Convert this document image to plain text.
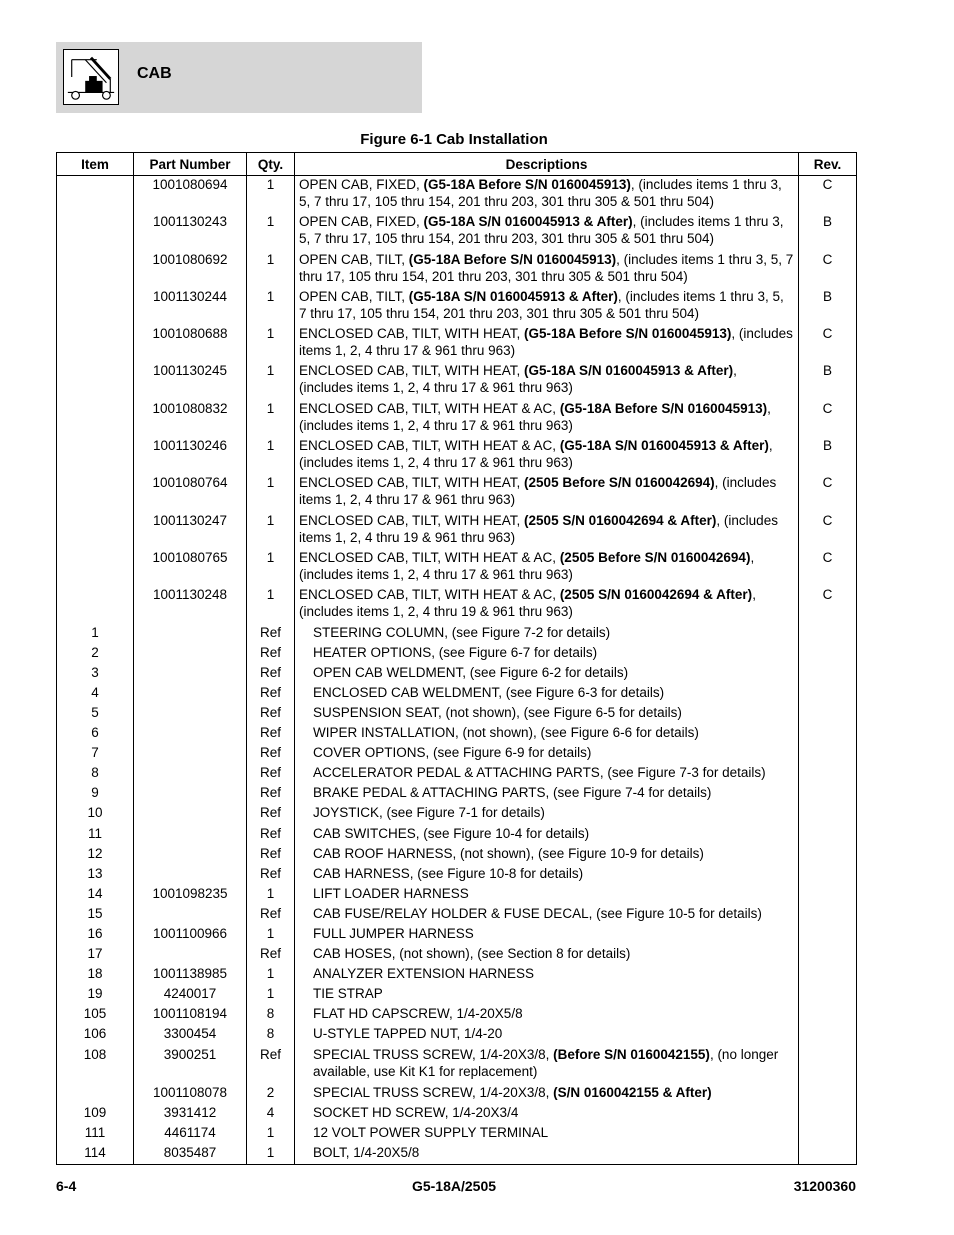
CAB
Figure 6-1 Cab Installation
Item	Part Number	Qty.	Descriptions	Rev.
	1001080694	1	OPEN CAB, FIXED, (G5-18A Before S/N 0160045913), (includes items 1 thru 3, 5, 7 thru 17, 105 thru 154, 201 thru 203, 301 thru 305 & 501 thru 504)	C
	1001130243	1	OPEN CAB, FIXED, (G5-18A S/N 0160045913 & After), (includes items 1 thru 3, 5, 7 thru 17, 105 thru 154, 201 thru 203, 301 thru 305 & 501 thru 504)	B
	1001080692	1	OPEN CAB, TILT, (G5-18A Before S/N 0160045913), (includes items 1 thru 3, 5, 7 thru 17, 105 thru 154, 201 thru 203, 301 thru 305 & 501 thru 504)	C
	1001130244	1	OPEN CAB, TILT, (G5-18A S/N 0160045913 & After), (includes items 1 thru 3, 5, 7 thru 17, 105 thru 154, 201 thru 203, 301 thru 305 & 501 thru 504)	B
	1001080688	1	ENCLOSED CAB, TILT, WITH HEAT, (G5-18A Before S/N 0160045913), (includes items 1, 2, 4 thru 17 & 961 thru 963)	C
	1001130245	1	ENCLOSED CAB, TILT, WITH HEAT, (G5-18A S/N 0160045913 & After), (includes items 1, 2, 4 thru 17 & 961 thru 963)	B
	1001080832	1	ENCLOSED CAB, TILT, WITH HEAT & AC, (G5-18A Before S/N 0160045913), (includes items 1, 2, 4 thru 17 & 961 thru 963)	C
	1001130246	1	ENCLOSED CAB, TILT, WITH HEAT & AC, (G5-18A S/N 0160045913 & After), (includes items 1, 2, 4 thru 17 & 961 thru 963)	B
	1001080764	1	ENCLOSED CAB, TILT, WITH HEAT, (2505 Before S/N 0160042694), (includes items 1, 2, 4 thru 17 & 961 thru 963)	C
	1001130247	1	ENCLOSED CAB, TILT, WITH HEAT, (2505 S/N 0160042694 & After), (includes items 1, 2, 4 thru 19 & 961 thru 963)	C
	1001080765	1	ENCLOSED CAB, TILT, WITH HEAT & AC, (2505 Before S/N 0160042694), (includes items 1, 2, 4 thru 17 & 961 thru 963)	C
	1001130248	1	ENCLOSED CAB, TILT, WITH HEAT & AC, (2505 S/N 0160042694 & After), (includes items 1, 2, 4 thru 19 & 961 thru 963)	C
1		Ref	STEERING COLUMN, (see Figure 7-2 for details)	
2		Ref	HEATER OPTIONS, (see Figure 6-7 for details)	
3		Ref	OPEN CAB WELDMENT, (see Figure 6-2 for details)	
4		Ref	ENCLOSED CAB WELDMENT, (see Figure 6-3 for details)	
5		Ref	SUSPENSION SEAT, (not shown), (see Figure 6-5 for details)	
6		Ref	WIPER INSTALLATION, (not shown), (see Figure 6-6 for details)	
7		Ref	COVER OPTIONS, (see Figure 6-9 for details)	
8		Ref	ACCELERATOR PEDAL & ATTACHING PARTS, (see Figure 7-3 for details)	
9		Ref	BRAKE PEDAL & ATTACHING PARTS, (see Figure 7-4 for details)	
10		Ref	JOYSTICK, (see Figure 7-1 for details)	
11		Ref	CAB SWITCHES, (see Figure 10-4 for details)	
12		Ref	CAB ROOF HARNESS, (not shown), (see Figure 10-9 for details)	
13		Ref	CAB HARNESS, (see Figure 10-8 for details)	
14	1001098235	1	LIFT LOADER HARNESS	
15		Ref	CAB FUSE/RELAY HOLDER & FUSE DECAL, (see Figure 10-5 for details)	
16	1001100966	1	FULL JUMPER HARNESS	
17		Ref	CAB HOSES, (not shown), (see Section 8 for details)	
18	1001138985	1	ANALYZER EXTENSION HARNESS	
19	4240017	1	TIE STRAP	
105	1001108194	8	FLAT HD CAPSCREW, 1/4-20X5/8	
106	3300454	8	U-STYLE TAPPED NUT, 1/4-20	
108	3900251	Ref	SPECIAL TRUSS SCREW, 1/4-20X3/8, (Before S/N 0160042155), (no longer available, use Kit K1 for replacement)	
	1001108078	2	SPECIAL TRUSS SCREW, 1/4-20X3/8, (S/N 0160042155 & After)	
109	3931412	4	SOCKET HD SCREW, 1/4-20X3/4	
111	4461174	1	12 VOLT POWER SUPPLY TERMINAL	
114	8035487	1	BOLT, 1/4-20X5/8	

6-4	G5-18A/2505	31200360
